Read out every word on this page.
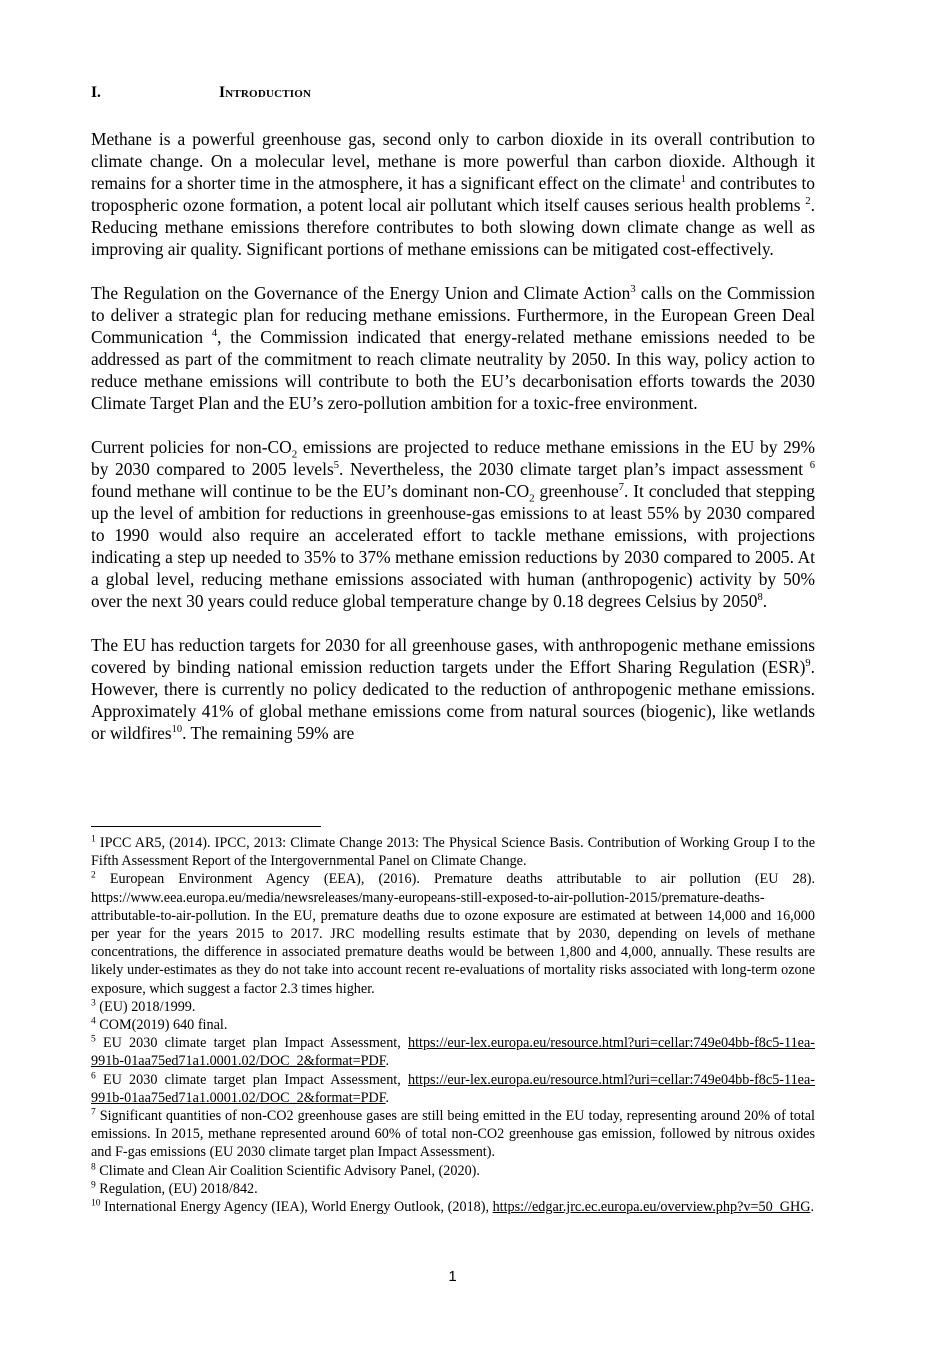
I.	Introduction

Methane is a powerful greenhouse gas, second only to carbon dioxide in its overall contribution to climate change. On a molecular level, methane is more powerful than carbon dioxide. Although it remains for a shorter time in the atmosphere, it has a significant effect on the climate$^1$ and contributes to tropospheric ozone formation, a potent local air pollutant which itself causes serious health problems $^2$. Reducing methane emissions therefore contributes to both slowing down climate change as well as improving air quality. Significant portions of methane emissions can be mitigated cost-effectively.

The Regulation on the Governance of the Energy Union and Climate Action$^3$ calls on the Commission to deliver a strategic plan for reducing methane emissions. Furthermore, in the European Green Deal Communication $^4$, the Commission indicated that energy-related methane emissions needed to be addressed as part of the commitment to reach climate neutrality by 2050. In this way, policy action to reduce methane emissions will contribute to both the EU’s decarbonisation efforts towards the 2030 Climate Target Plan and the EU’s zero-pollution ambition for a toxic-free environment.

Current policies for non-$CO_2$ emissions are projected to reduce methane emissions in the EU by 29% by 2030 compared to 2005 levels$^5$. Nevertheless, the 2030 climate target plan’s impact assessment $^6$ found methane will continue to be the EU’s dominant non-$CO_2$ greenhouse$^7$. It concluded that stepping up the level of ambition for reductions in greenhouse-gas emissions to at least 55% by 2030 compared to 1990 would also require an accelerated effort to tackle methane emissions, with projections indicating a step up needed to 35% to 37% methane emission reductions by 2030 compared to 2005. At a global level, reducing methane emissions associated with human (anthropogenic) activity by 50% over the next 30 years could reduce global temperature change by 0.18 degrees Celsius by 2050$^8$.

The EU has reduction targets for 2030 for all greenhouse gases, with anthropogenic methane emissions covered by binding national emission reduction targets under the Effort Sharing Regulation (ESR)$^9$. However, there is currently no policy dedicated to the reduction of anthropogenic methane emissions. Approximately 41% of global methane emissions come from natural sources (biogenic), like wetlands or wildfires$^{10}$. The remaining 59% are

$^1$ IPCC AR5, (2014). IPCC, 2013: Climate Change 2013: The Physical Science Basis. Contribution of Working Group I to the Fifth Assessment Report of the Intergovernmental Panel on Climate Change.

$^2$ European Environment Agency (EEA), (2016). Premature deaths attributable to air pollution (EU 28). https://www.eea.europa.eu/media/newsreleases/many-europeans-still-exposed-to-air-pollution-2015/premature-deaths-attributable-to-air-pollution. In the EU, premature deaths due to ozone exposure are estimated at between 14,000 and 16,000 per year for the years 2015 to 2017. JRC modelling results estimate that by 2030, depending on levels of methane concentrations, the difference in associated premature deaths would be between 1,800 and 4,000, annually. These results are likely under-estimates as they do not take into account recent re-evaluations of mortality risks associated with long-term ozone exposure, which suggest a factor 2.3 times higher.

$^3$ (EU) 2018/1999.

$^4$ COM(2019) 640 final.

$^5$ EU 2030 climate target plan Impact Assessment, https://eur-lex.europa.eu/resource.html?uri=cellar:749e04bb-f8c5-11ea-991b-01aa75ed71a1.0001.02/DOC_2&format=PDF.

$^6$ EU 2030 climate target plan Impact Assessment, https://eur-lex.europa.eu/resource.html?uri=cellar:749e04bb-f8c5-11ea-991b-01aa75ed71a1.0001.02/DOC_2&format=PDF.

$^7$ Significant quantities of non-CO2 greenhouse gases are still being emitted in the EU today, representing around 20% of total emissions. In 2015, methane represented around 60% of total non-CO2 greenhouse gas emission, followed by nitrous oxides and F-gas emissions (EU 2030 climate target plan Impact Assessment).

$^8$ Climate and Clean Air Coalition Scientific Advisory Panel, (2020).

$^9$ Regulation, (EU) 2018/842.

$^{10}$ International Energy Agency (IEA), World Energy Outlook, (2018), https://edgar.jrc.ec.europa.eu/overview.php?v=50_GHG.

1
